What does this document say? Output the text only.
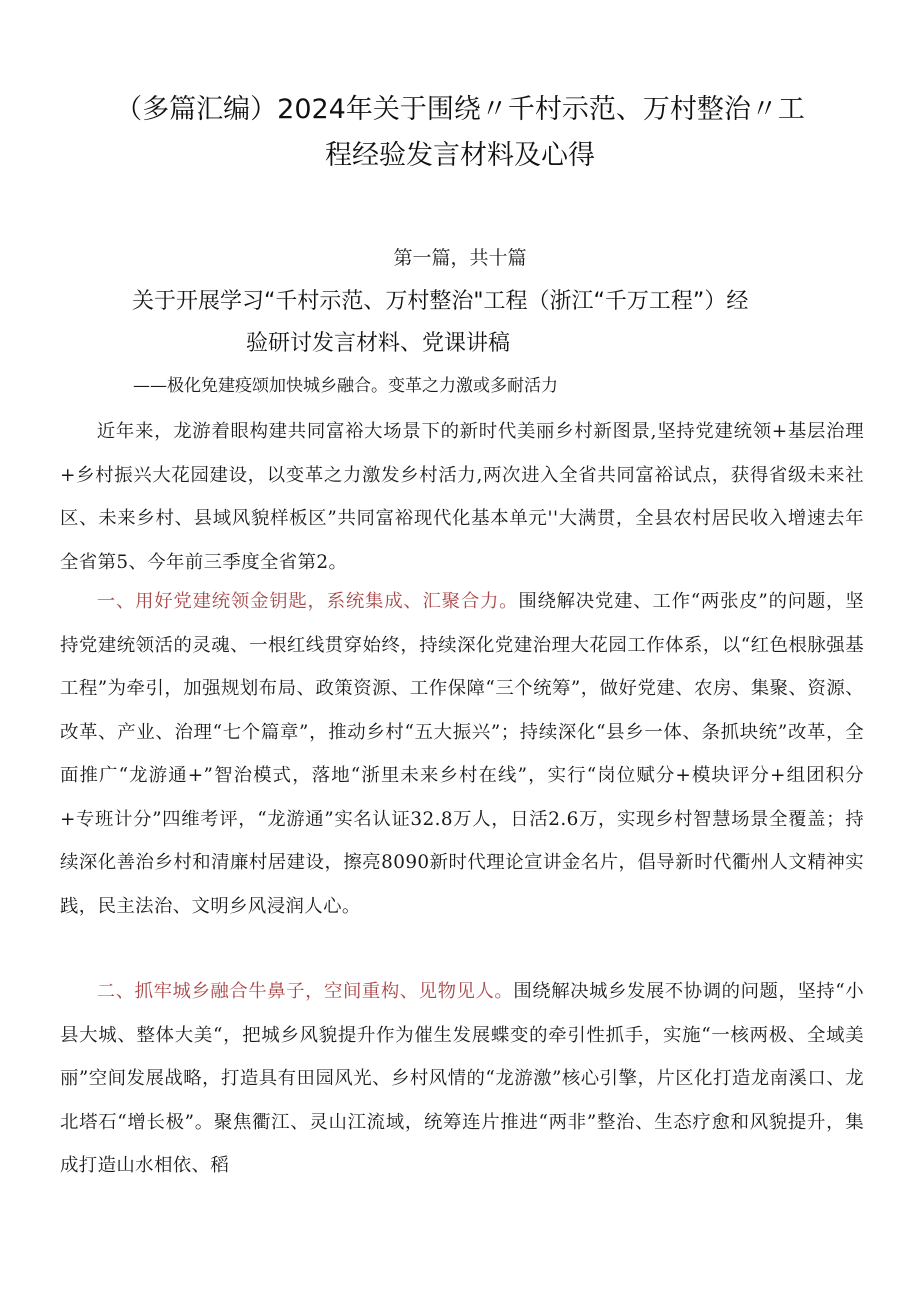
（多篇汇编）2024年关于围绕〃千村示范、万村整治〃工
程经验发言材料及心得
第一篇，共十篇
关于开展学习“千村示范、万村整治"工程（浙江“千万工程”）经
验研讨发言材料、党课讲稿
——极化免建疫颂加快城乡融合。变革之力激或多耐活力

近年来，龙游着眼构建共同富裕大场景下的新时代美丽乡村新图景,坚持党建统领+基层治理+乡村振兴大花园建设，以变革之力激发乡村活力,两次进入全省共同富裕试点，获得省级未来社区、未来乡村、县域风貌样板区”共同富裕现代化基本单元''大满贯，全县农村居民收入增速去年全省第5、今年前三季度全省第2。

一、用好党建统领金钥匙，系统集成、汇聚合力。围绕解决党建、工作“两张皮”的问题，坚持党建统领活的灵魂、一根红线贯穿始终，持续深化党建治理大花园工作体系，以“红色根脉强基工程”为牵引，加强规划布局、政策资源、工作保障“三个统筹”，做好党建、农房、集聚、资源、改革、产业、治理“七个篇章”，推动乡村“五大振兴”；持续深化“县乡一体、条抓块统”改革，全面推广“龙游通+”智治模式，落地“浙里未来乡村在线”，实行“岗位赋分+模块评分+组团积分+专班计分”四维考评，“龙游通”实名认证32.8万人，日活2.6万，实现乡村智慧场景全覆盖；持续深化善治乡村和清廉村居建设，擦亮8090新时代理论宣讲金名片，倡导新时代衢州人文精神实践，民主法治、文明乡风浸润人心。

二、抓牢城乡融合牛鼻子，空间重构、见物见人。围绕解决城乡发展不协调的问题，坚持“小县大城、整体大美“，把城乡风貌提升作为催生发展蝶变的牵引性抓手，实施“一核两极、全域美丽”空间发展战略，打造具有田园风光、乡村风情的“龙游激”核心引擎，片区化打造龙南溪口、龙北塔石“增长极”。聚焦衢江、灵山江流域，统筹连片推进“两非”整治、生态疗愈和风貌提升，集成打造山水相依、稻
